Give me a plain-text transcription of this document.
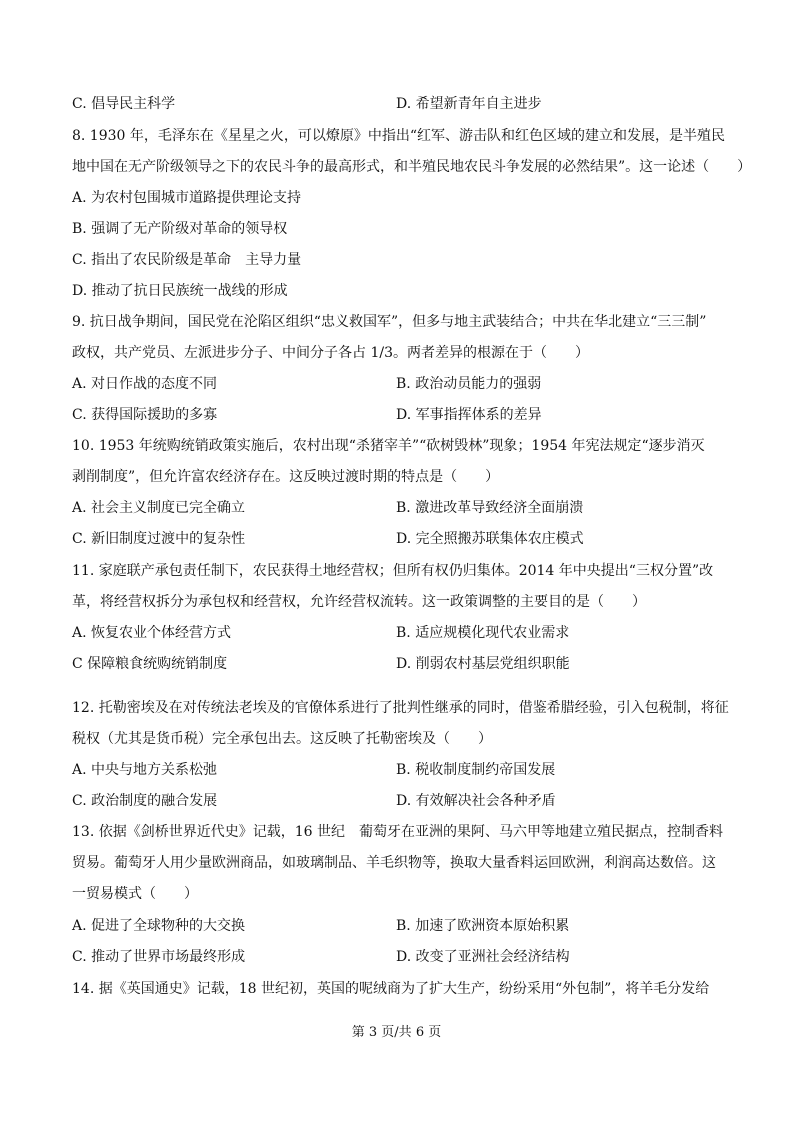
C. 倡导民主科学	D. 希望新青年自主进步
8. 1930 年，毛泽东在《星星之火，可以燎原》中指出“红军、游击队和红色区域的建立和发展，是半殖民
地中国在无产阶级领导之下的农民斗争的最高形式，和半殖民地农民斗争发展的必然结果”。这一论述（　　）
A. 为农村包围城市道路提供理论支持
B. 强调了无产阶级对革命的领导权
C. 指出了农民阶级是革命　主导力量
D. 推动了抗日民族统一战线的形成
9. 抗日战争期间，国民党在沦陷区组织“忠义救国军”，但多与地主武装结合；中共在华北建立“三三制”
政权，共产党员、左派进步分子、中间分子各占 1/3。两者差异的根源在于（　　）
A. 对日作战的态度不同	B. 政治动员能力的强弱
C. 获得国际援助的多寡	D. 军事指挥体系的差异
10. 1953 年统购统销政策实施后，农村出现“杀猪宰羊”“砍树毁林”现象；1954 年宪法规定“逐步消灭
剥削制度”，但允许富农经济存在。这反映过渡时期的特点是（　　）
A. 社会主义制度已完全确立	B. 激进改革导致经济全面崩溃
C. 新旧制度过渡中的复杂性	D. 完全照搬苏联集体农庄模式
11. 家庭联产承包责任制下，农民获得土地经营权；但所有权仍归集体。2014 年中央提出“三权分置”改
革，将经营权拆分为承包权和经营权，允许经营权流转。这一政策调整的主要目的是（　　）
A. 恢复农业个体经营方式	B. 适应规模化现代农业需求
C 保障粮食统购统销制度	D. 削弱农村基层党组织职能
12. 托勒密埃及在对传统法老埃及的官僚体系进行了批判性继承的同时，借鉴希腊经验，引入包税制，将征
税权（尤其是货币税）完全承包出去。这反映了托勒密埃及（　　）
A. 中央与地方关系松弛	B. 税收制度制约帝国发展
C. 政治制度的融合发展	D. 有效解决社会各种矛盾
13. 依据《剑桥世界近代史》记载，16 世纪　葡萄牙在亚洲的果阿、马六甲等地建立殖民据点，控制香料
贸易。葡萄牙人用少量欧洲商品，如玻璃制品、羊毛织物等，换取大量香料运回欧洲，利润高达数倍。这
一贸易模式（　　）
A. 促进了全球物种的大交换	B. 加速了欧洲资本原始积累
C. 推动了世界市场最终形成	D. 改变了亚洲社会经济结构
14. 据《英国通史》记载，18 世纪初，英国的呢绒商为了扩大生产，纷纷采用“外包制”，将羊毛分发给
第 3 页/共 6 页
